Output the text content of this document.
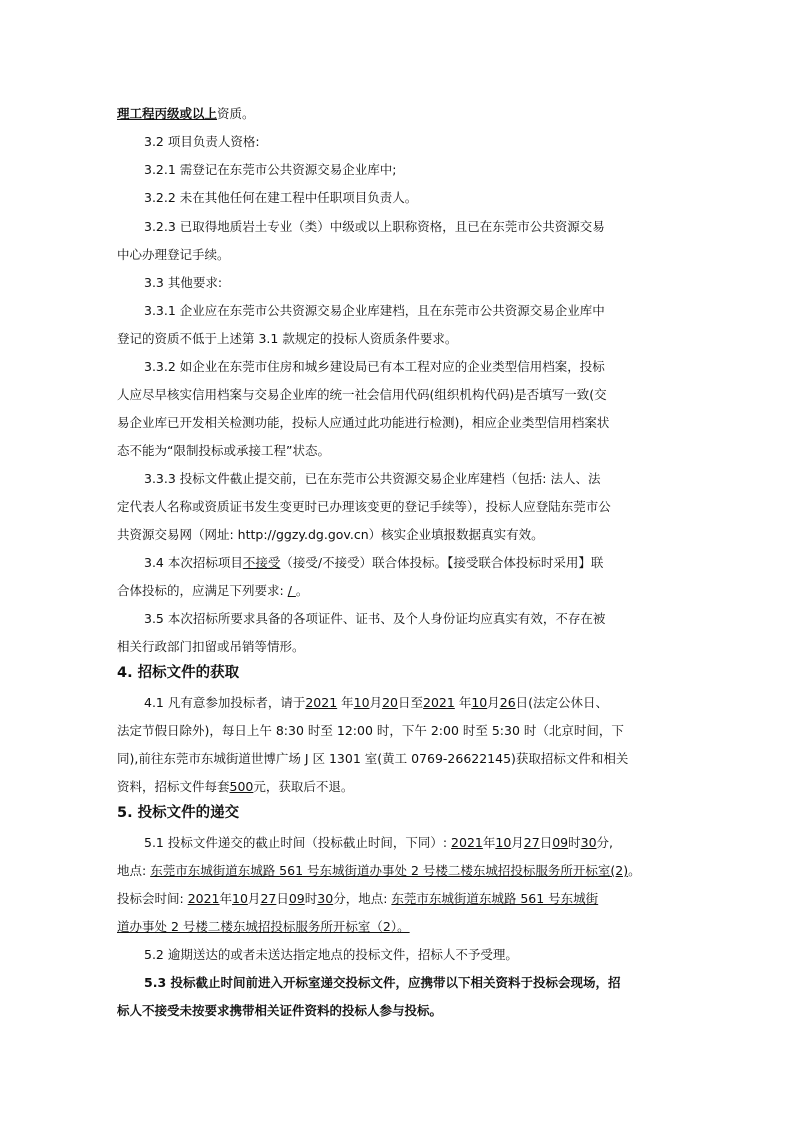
理工程丙级或以上资质。
3.2 项目负责人资格:
3.2.1 需登记在东莞市公共资源交易企业库中;
3.2.2 未在其他任何在建工程中任职项目负责人。
3.2.3 已取得地质岩土专业（类）中级或以上职称资格，且已在东莞市公共资源交易
中心办理登记手续。
3.3 其他要求:
3.3.1 企业应在东莞市公共资源交易企业库建档，且在东莞市公共资源交易企业库中
登记的资质不低于上述第 3.1 款规定的投标人资质条件要求。
3.3.2 如企业在东莞市住房和城乡建设局已有本工程对应的企业类型信用档案，投标
人应尽早核实信用档案与交易企业库的统一社会信用代码(组织机构代码)是否填写一致(交
易企业库已开发相关检测功能，投标人应通过此功能进行检测)，相应企业类型信用档案状
态不能为“限制投标或承接工程”状态。
3.3.3 投标文件截止提交前，已在东莞市公共资源交易企业库建档（包括: 法人、法
定代表人名称或资质证书发生变更时已办理该变更的登记手续等），投标人应登陆东莞市公
共资源交易网（网址: http://ggzy.dg.gov.cn）核实企业填报数据真实有效。
3.4 本次招标项目不接受（接受/不接受）联合体投标。【接受联合体投标时采用】联
合体投标的，应满足下列要求: / 。
3.5 本次招标所要求具备的各项证件、证书、及个人身份证均应真实有效，不存在被
相关行政部门扣留或吊销等情形。
4. 招标文件的获取
4.1 凡有意参加投标者，请于2021 年10月20日至2021 年10月26日(法定公休日、
法定节假日除外)，每日上午 8:30 时至 12:00 时，下午 2:00 时至 5:30 时（北京时间，下
同),前往东莞市东城街道世博广场 J 区 1301 室(黄工 0769-26622145)获取招标文件和相关
资料，招标文件每套500元，获取后不退。
5. 投标文件的递交
5.1 投标文件递交的截止时间（投标截止时间，下同）: 2021年10月27日09时30分,
地点: 东莞市东城街道东城路 561 号东城街道办事处 2 号楼二楼东城招投标服务所开标室(2)。
投标会时间: 2021年10月27日09时30分，地点: 东莞市东城街道东城路 561 号东城街
道办事处 2 号楼二楼东城招投标服务所开标室（2）。
5.2 逾期送达的或者未送达指定地点的投标文件，招标人不予受理。
5.3 投标截止时间前进入开标室递交投标文件，应携带以下相关资料于投标会现场，招
标人不接受未按要求携带相关证件资料的投标人参与投标。
